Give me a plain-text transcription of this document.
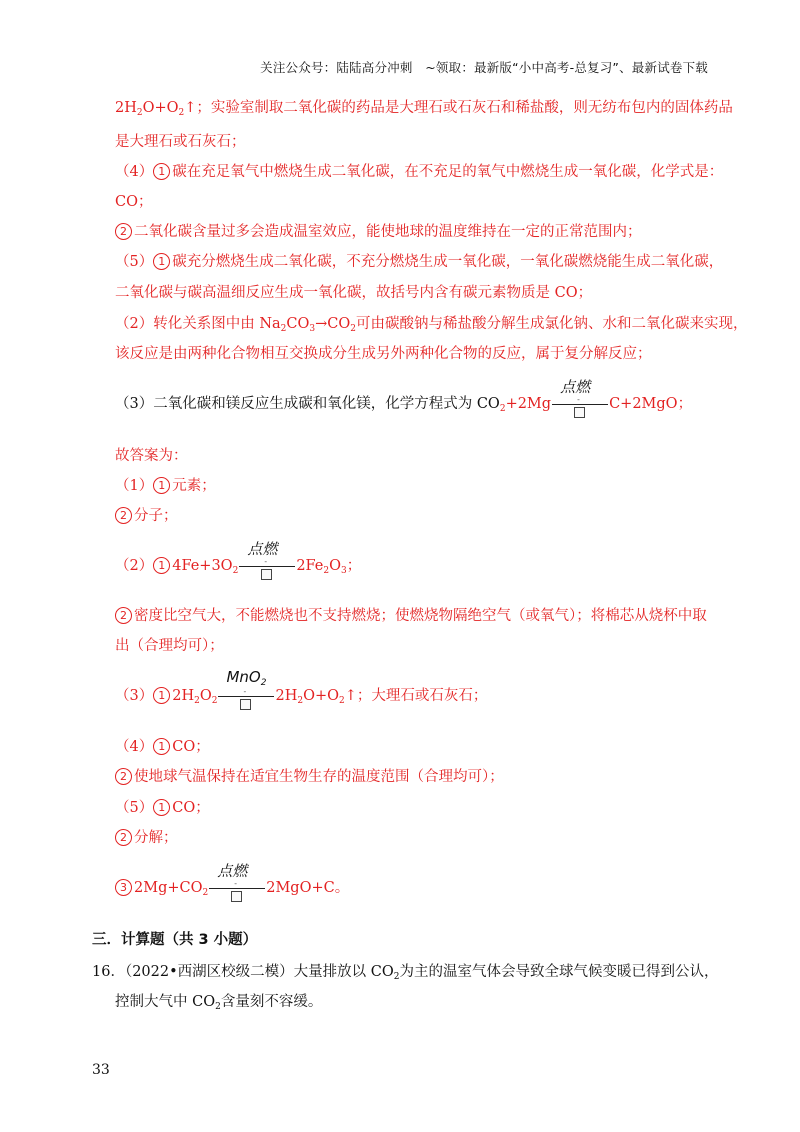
关注公众号：陆陆高分冲刺　~领取：最新版“小中高考-总复习”、最新试卷下载
$2H_2O+O_2↑$；实验室制取二氧化碳的药品是大理石或石灰石和稀盐酸，则无纺布包内的固体药品
是大理石或石灰石；
（4） 1 碳在充足氧气中燃烧生成二氧化碳，在不充足的氧气中燃烧生成一氧化碳，化学式是：
CO；
2 二氧化碳含量过多会造成温室效应，能使地球的温度维持在一定的正常范围内；
（5） 1 碳充分燃烧生成二氧化碳，不充分燃烧生成一氧化碳，一氧化碳燃烧能生成二氧化碳，
二氧化碳与碳高温细反应生成一氧化碳，故括号内含有碳元素物质是 CO；
（2）转化关系图中由 $Na_2CO_3\to CO_2$可由碳酸钠与稀盐酸分解生成氯化钠、水和二氧化碳来实现，
该反应是由两种化合物相互交换成分生成另外两种化合物的反应，属于复分解反应；
（3）二氧化碳和镁反应生成碳和氧化镁，化学方程式为 $CO_2+2Mg$
点燃
- C+2MgO；
故答案为：
（1） 1 元素；
2 分子；
（2） 1 $4Fe+3O_2$
点燃
- $2Fe_2O_3$；
2 密度比空气大，不能燃烧也不支持燃烧；使燃烧物隔绝空气（或氧气）；将棉芯从烧杯中取
出（合理均可）；
（3） 1 $2H_2O_2$
MnO$_2$
- $2H_2O+O_2↑$；大理石或石灰石；
（4） 1 CO；
2 使地球气温保持在适宜生物生存的温度范围（合理均可）；
（5） 1 CO；
2 分解；
3 $2Mg+CO_2$
点燃
- 2MgO+C。
三．计算题（共 3 小题）
16．（2022•西湖区校级二模）大量排放以 $CO_2$为主的温室气体会导致全球气候变暖已得到公认，
控制大气中 $CO_2$含量刻不容缓。
33
